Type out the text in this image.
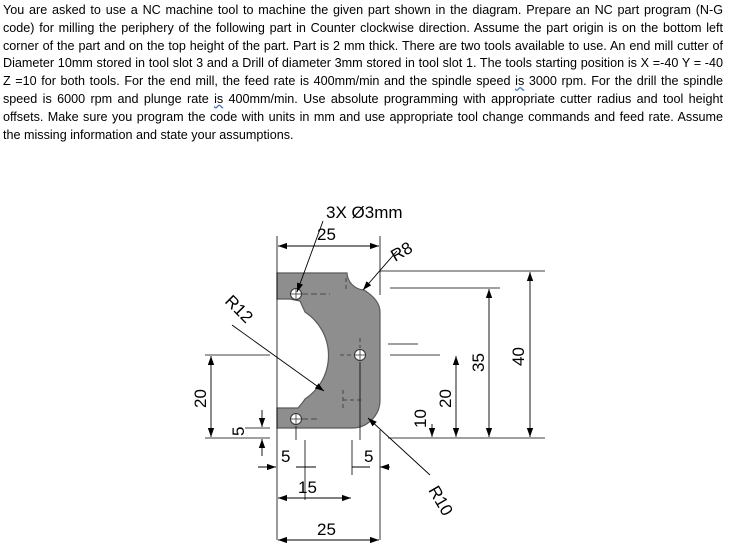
You are asked to use a NC machine tool to machine the given part shown in the diagram. Prepare an NC part program (N-G code) for milling the periphery of the following part in Counter clockwise direction. Assume the part origin is on the bottom left corner of the part and on the top height of the part. Part is 2 mm thick. There are two tools available to use. An end mill cutter of Diameter 10mm stored in tool slot 3 and a Drill of diameter 3mm stored in tool slot 1. The tools starting position is X =-40 Y = -40 Z =10 for both tools. For the end mill, the feed rate is 400mm/min and the spindle speed is 3000 rpm. For the drill the spindle speed is 6000 rpm and plunge rate is 400mm/min. Use absolute programming with appropriate cutter radius and tool height offsets. Make sure you program the code with units in mm and use appropriate tool change commands and feed rate. Assume the missing information and state your assumptions.

3X Ø3mm
25
R8
R12
20
5
5
15
5
25
10
20
35 40
R10
